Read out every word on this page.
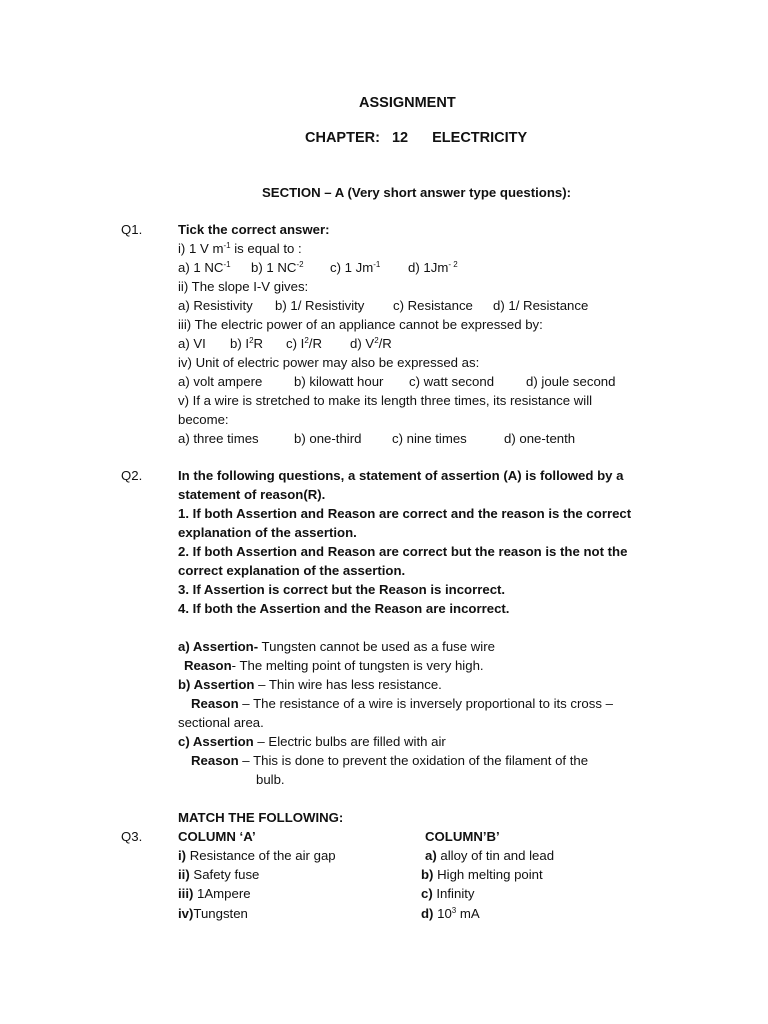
ASSIGNMENT
CHAPTER: 12 ELECTRICITY
SECTION – A (Very short answer type questions):
Q1.	Tick the correct answer:
i) 1 V $m^{-1}$ is equal to :
a) 1 $NC^{-1}$ b) 1 $NC^{-2}$ c) 1 $Jm^{-1}$ d) $1Jm^{- 2}$
ii) The slope I-V gives:
a) Resistivity b) 1/ Resistivity c) Resistance d) 1/ Resistance
iii) The electric power of an appliance cannot be expressed by:
a) VI b) $I^2R$ c) $I^2/R$ d) $V^2/R$
iv) Unit of electric power may also be expressed as:
a) volt ampere b) kilowatt hour c) watt second d) joule second
v) If a wire is stretched to make its length three times, its resistance will
become:
a) three times	b) one-third c) nine times	d) one-tenth
Q2.	In the following questions, a statement of assertion (A) is followed by a
statement of reason(R).
1. If both Assertion and Reason are correct and the reason is the correct
explanation of the assertion.
2. If both Assertion and Reason are correct but the reason is the not the
correct explanation of the assertion.
3. If Assertion is correct but the Reason is incorrect.
4. If both the Assertion and the Reason are incorrect.
a) Assertion- Tungsten cannot be used as a fuse wire
Reason- The melting point of tungsten is very high.
b) Assertion – Thin wire has less resistance.
Reason – The resistance of a wire is inversely proportional to its cross –
sectional area.
c) Assertion – Electric bulbs are filled with air
Reason – This is done to prevent the oxidation of the filament of the
bulb.
MATCH THE FOLLOWING:
Q3.	COLUMN ‘A’	COLUMN’B’
i) Resistance of the air gap	a) alloy of tin and lead
ii) Safety fuse	b) High melting point
iii) 1Ampere	c) Infinity
iv)Tungsten	d) $10^3$ mA
